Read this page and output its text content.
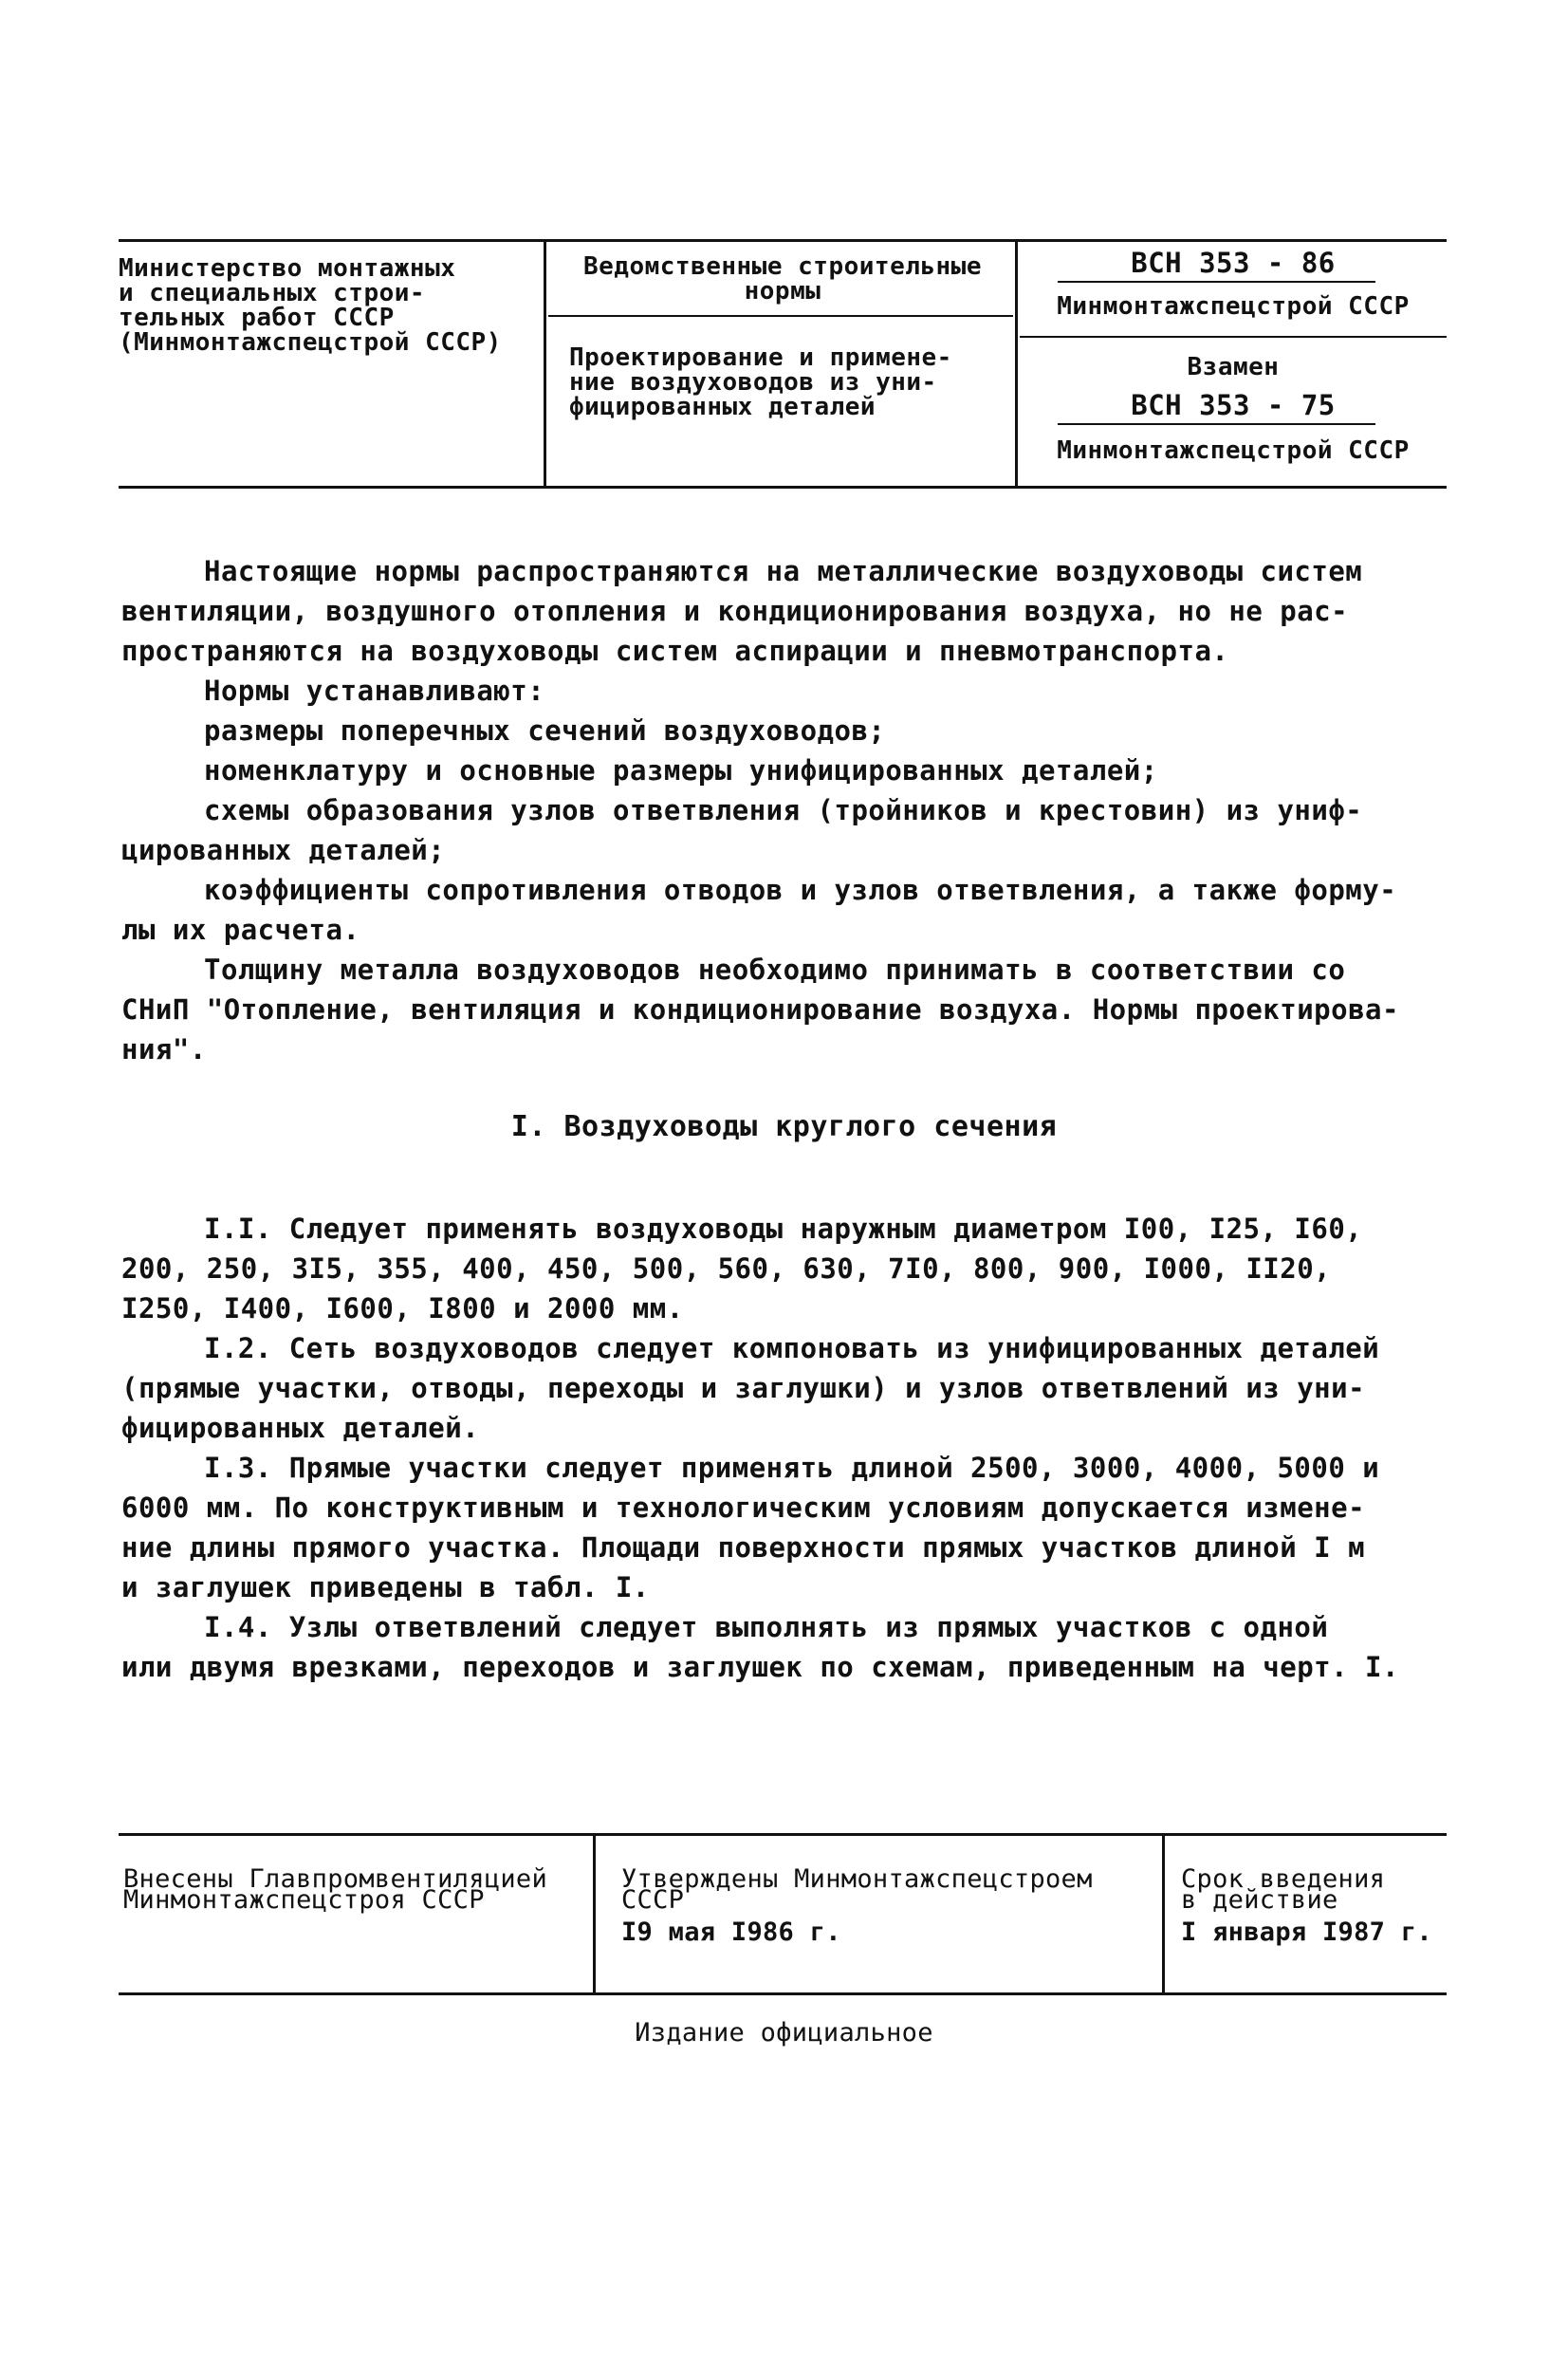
Министерство монтажных
и специальных строи-
тельных работ СССР
(Минмонтажспецстрой СССР)
Ведомственные строительные
нормы
Проектирование и примене-
ние воздуховодов из уни-
фицированных деталей
ВСН 353 - 86
Минмонтажспецстрой СССР
Взамен
ВСН 353 - 75
Минмонтажспецстрой СССР
Настоящие нормы распространяются на металлические воздуховоды систем
вентиляции, воздушного отопления и кондиционирования воздуха, но не рас-
пространяются на воздуховоды систем аспирации и пневмотранспорта.
Нормы устанавливают:
размеры поперечных сечений воздуховодов;
номенклатуру и основные размеры унифицированных деталей;
схемы образования узлов ответвления (тройников и крестовин) из униф-
цированных деталей;
коэффициенты сопротивления отводов и узлов ответвления, а также форму-
лы их расчета.
Толщину металла воздуховодов необходимо принимать в соответствии со
СНиП "Отопление, вентиляция и кондиционирование воздуха. Нормы проектирова-
ния".
I. Воздуховоды круглого сечения
I.I. Следует применять воздуховоды наружным диаметром I00, I25, I60,
200, 250, 3I5, 355, 400, 450, 500, 560, 630, 7I0, 800, 900, I000, II20,
I250, I400, I600, I800 и 2000 мм.
I.2. Сеть воздуховодов следует компоновать из унифицированных деталей
(прямые участки, отводы, переходы и заглушки) и узлов ответвлений из уни-
фицированных деталей.
I.3. Прямые участки следует применять длиной 2500, 3000, 4000, 5000 и
6000 мм. По конструктивным и технологическим условиям допускается измене-
ние длины прямого участка. Площади поверхности прямых участков длиной I м
и заглушек приведены в табл. I.
I.4. Узлы ответвлений следует выполнять из прямых участков с одной
или двумя врезками, переходов и заглушек по схемам, приведенным на черт. I.
Внесены Главпромвентиляцией
Минмонтажспецстроя СССР
Утверждены Минмонтажспецстроем
СССР
I9 мая I986 г.
Срок введения
в действие
I января I987 г.
Издание официальное
